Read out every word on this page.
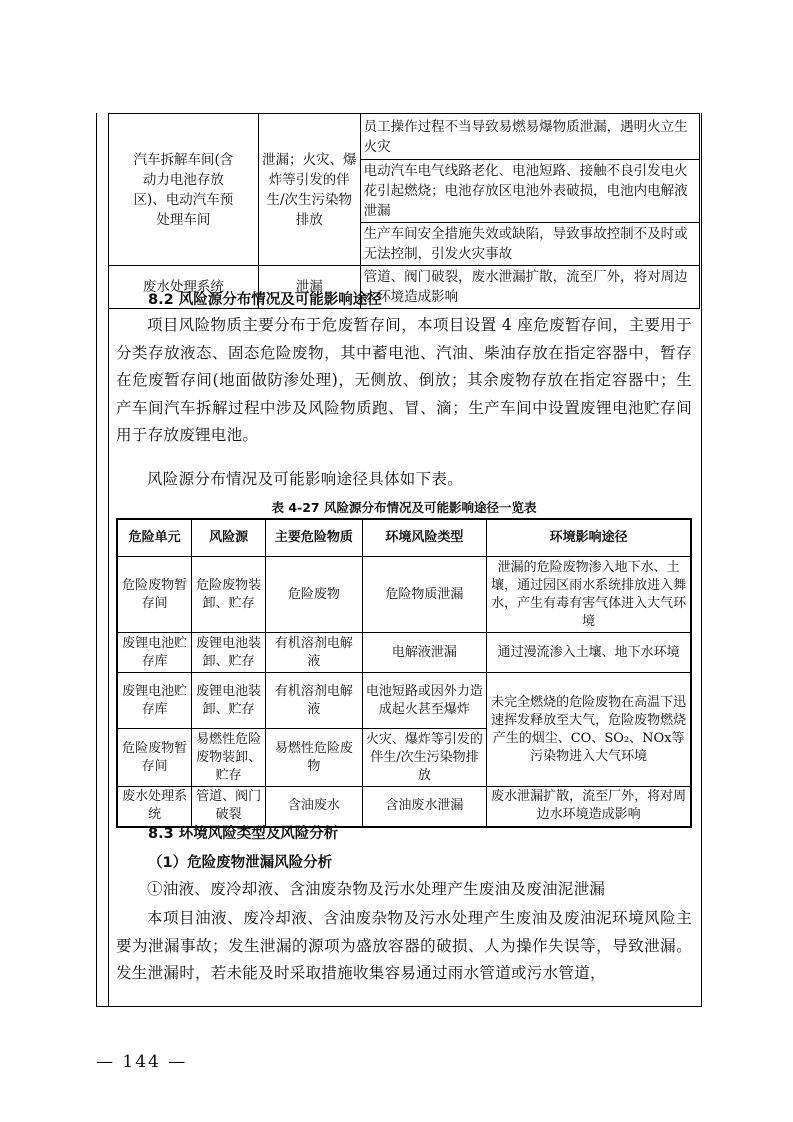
汽车拆解车间(含动力电池存放区)、电动汽车预处理车间	泄漏；火灾、爆炸等引发的伴生/次生污染物排放	员工操作过程不当导致易燃易爆物质泄漏，遇明火立生火灾
		电动汽车电气线路老化、电池短路、接触不良引发电火花引起燃烧；电池存放区电池外表破损，电池内电解液泄漏
		生产车间安全措施失效或缺陷，导致事故控制不及时或无法控制，引发火灾事故
废水处理系统	泄漏	管道、阀门破裂，废水泄漏扩散，流至厂外，将对周边水环境造成影响
8.2 风险源分布情况及可能影响途径
项目风险物质主要分布于危废暂存间，本项目设置 4 座危废暂存间，主要用于分类存放液态、固态危险废物，其中蓄电池、汽油、柴油存放在指定容器中，暂存在危废暂存间(地面做防渗处理)，无侧放、倒放；其余废物存放在指定容器中；生产车间汽车拆解过程中涉及风险物质跑、冒、滴；生产车间中设置废锂电池贮存间用于存放废锂电池。
风险源分布情况及可能影响途径具体如下表。
表 4-27 风险源分布情况及可能影响途径一览表
危险单元	风险源	主要危险物质	环境风险类型	环境影响途径
危险废物暂存间	危险废物装卸、贮存	危险废物	危险物质泄漏	泄漏的危险废物渗入地下水、土壤，通过园区雨水系统排放进入舞水，产生有毒有害气体进入大气环境
废锂电池贮存库	废锂电池装卸、贮存	有机溶剂电解液	电解液泄漏	通过漫流渗入土壤、地下水环境
废锂电池贮存库	废锂电池装卸、贮存	有机溶剂电解液	电池短路或因外力造成起火甚至爆炸	未完全燃烧的危险废物在高温下迅速挥发释放至大气，危险废物燃烧产生的烟尘、CO、SO₂、NOx等污染物进入大气环境
危险废物暂存间	易燃性危险废物装卸、贮存	易燃性危险废物	火灾、爆炸等引发的伴生/次生污染物排放	
废水处理系统	管道、阀门破裂	含油废水	含油废水泄漏	废水泄漏扩散，流至厂外，将对周边水环境造成影响
8.3 环境风险类型及风险分析
（1）危险废物泄漏风险分析
①油液、废冷却液、含油废杂物及污水处理产生废油及废油泥泄漏
本项目油液、废冷却液、含油废杂物及污水处理产生废油及废油泥环境风险主要为泄漏事故；发生泄漏的源项为盛放容器的破损、人为操作失误等，导致泄漏。发生泄漏时，若未能及时采取措施收集容易通过雨水管道或污水管道，
— 144 —
